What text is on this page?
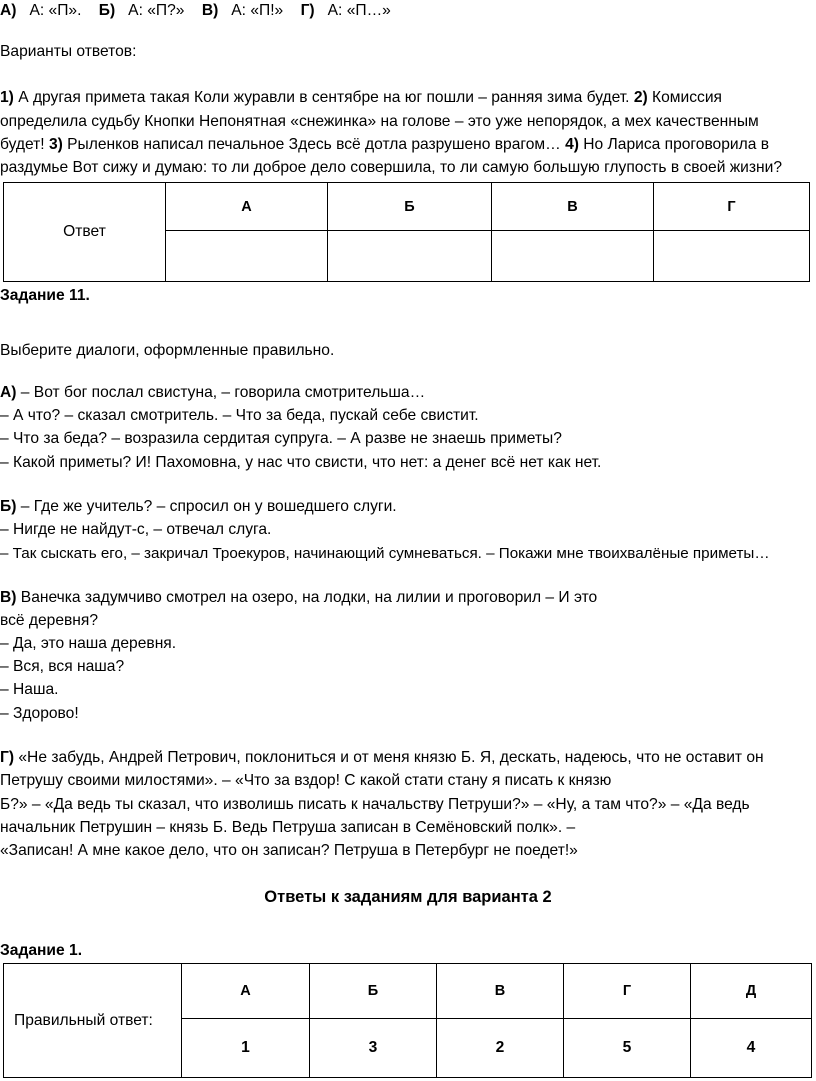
А) А: «П». Б) А: «П?» В) А: «П!» Г) А: «П…»
Варианты ответов:
1) А другая примета такая Коли журавли в сентябре на юг пошли – ранняя зима будет. 2) Комиссия
определила судьбу Кнопки Непонятная «снежинка» на голове – это уже непорядок, а мех качественным
будет! 3) Рыленков написал печальное Здесь всё дотла разрушено врагом… 4) Но Лариса проговорила в
раздумье Вот сижу и думаю: то ли доброе дело совершила, то ли самую большую глупость в своей жизни?
Ответ	А	Б	В	Г

Задание 11.
Выберите диалоги, оформленные правильно.
А) – Вот бог послал свистуна, – говорила смотрительша…
– А что? – сказал смотритель. – Что за беда, пускай себе свистит.
– Что за беда? – возразила сердитая супруга. – А разве не знаешь приметы?
– Какой приметы? И! Пахомовна, у нас что свисти, что нет: а денег всё нет как нет.
Б) – Где же учитель? – спросил он у вошедшего слуги.
– Нигде не найдут-с, – отвечал слуга.
– Так сыскать его, – закричал Троекуров, начинающий сумневаться. – Покажи мне твоихвалёные приметы…
В) Ванечка задумчиво смотрел на озеро, на лодки, на лилии и проговорил – И это
всё деревня?
– Да, это наша деревня.
– Вся, вся наша?
– Наша.
– Здорово!
Г) «Не забудь, Андрей Петрович, поклониться и от меня князю Б. Я, дескать, надеюсь, что не оставит он
Петрушу своими милостями». – «Что за вздор! С какой стати стану я писать к князю
Б?» – «Да ведь ты сказал, что изволишь писать к начальству Петруши?» – «Ну, а там что?» – «Да ведь
начальник Петрушин – князь Б. Ведь Петруша записан в Семёновский полк». –
«Записан! А мне какое дело, что он записан? Петруша в Петербург не поедет!»
Ответы к заданиям для варианта 2
Задание 1.
Правильный ответ:	А	Б	В	Г	Д
	1	3	2	5	4
